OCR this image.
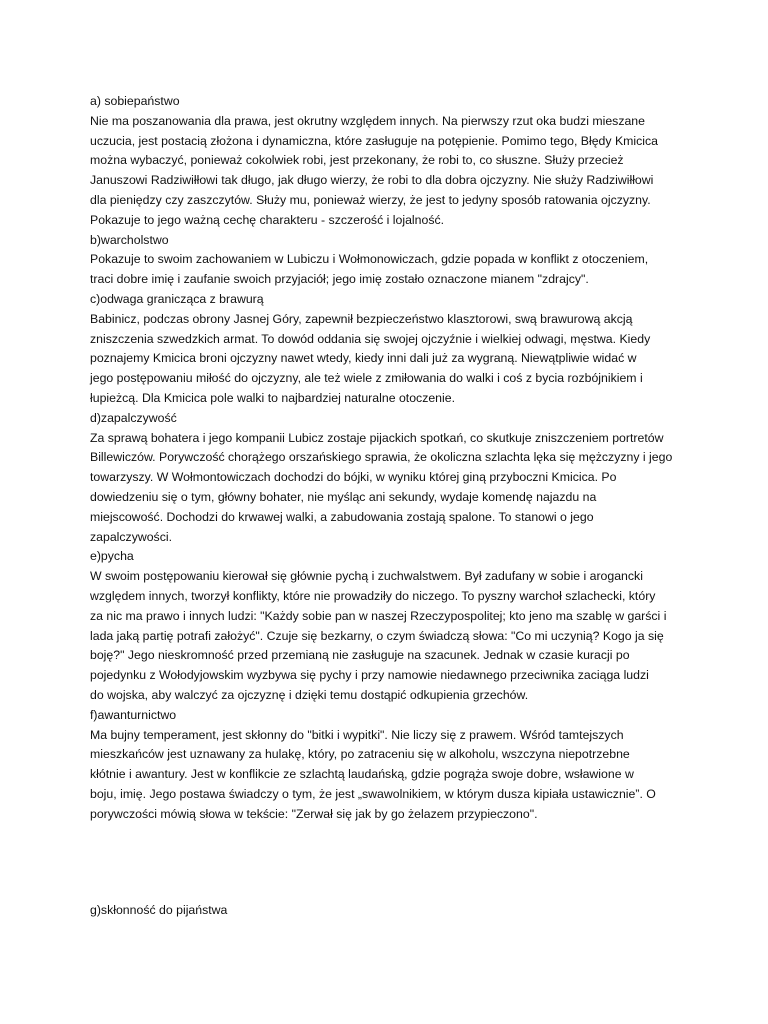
a) sobiepaństwo
Nie ma poszanowania dla prawa, jest okrutny względem innych. Na pierwszy rzut oka budzi mieszane
uczucia, jest postacią złożona i dynamiczna, które zasługuje na potępienie. Pomimo tego, Błędy Kmicica
można wybaczyć, ponieważ cokolwiek robi, jest przekonany, że robi to, co słuszne. Służy przecież
Januszowi Radziwiłłowi tak długo, jak długo wierzy, że robi to dla dobra ojczyzny. Nie służy Radziwiłłowi
dla pieniędzy czy zaszczytów. Służy mu, ponieważ wierzy, że jest to jedyny sposób ratowania ojczyzny.
Pokazuje to jego ważną cechę charakteru - szczerość i lojalność.
b)warcholstwo
Pokazuje to swoim zachowaniem w Lubiczu i Wołmonowiczach, gdzie popada w konflikt z otoczeniem,
traci dobre imię i zaufanie swoich przyjaciół; jego imię zostało oznaczone mianem "zdrajcy".
c)odwaga granicząca z brawurą
Babinicz, podczas obrony Jasnej Góry, zapewnił bezpieczeństwo klasztorowi, swą brawurową akcją
zniszczenia szwedzkich armat. To dowód oddania się swojej ojczyźnie i wielkiej odwagi, męstwa. Kiedy
poznajemy Kmicica broni ojczyzny nawet wtedy, kiedy inni dali już za wygraną. Niewątpliwie widać w
jego postępowaniu miłość do ojczyzny, ale też wiele z zmiłowania do walki i coś z bycia rozbójnikiem i
łupieżcą. Dla Kmicica pole walki to najbardziej naturalne otoczenie.
d)zapalczywość
Za sprawą bohatera i jego kompanii Lubicz zostaje pijackich spotkań, co skutkuje zniszczeniem portretów
Billewiczów. Porywczość chorążego orszańskiego sprawia, że okoliczna szlachta lęka się mężczyzny i jego
towarzyszy. W Wołmontowiczach dochodzi do bójki, w wyniku której giną przyboczni Kmicica. Po
dowiedzeniu się o tym, główny bohater, nie myśląc ani sekundy, wydaje komendę najazdu na
miejscowość. Dochodzi do krwawej walki, a zabudowania zostają spalone. To stanowi o jego
zapalczywości.
e)pycha
W swoim postępowaniu kierował się głównie pychą i zuchwalstwem. Był zadufany w sobie i arogancki
względem innych, tworzył konflikty, które nie prowadziły do niczego. To pyszny warchoł szlachecki, który
za nic ma prawo i innych ludzi: "Każdy sobie pan w naszej Rzeczypospolitej; kto jeno ma szablę w garści i
lada jaką partię potrafi założyć". Czuje się bezkarny, o czym świadczą słowa: "Co mi uczynią? Kogo ja się
boję?" Jego nieskromność przed przemianą nie zasługuje na szacunek. Jednak w czasie kuracji po
pojedynku z Wołodyjowskim wyzbywa się pychy i przy namowie niedawnego przeciwnika zaciąga ludzi
do wojska, aby walczyć za ojczyznę i dzięki temu dostąpić odkupienia grzechów.
f)awanturnictwo
Ma bujny temperament, jest skłonny do "bitki i wypitki". Nie liczy się z prawem. Wśród tamtejszych
mieszkańców jest uznawany za hulakę, który, po zatraceniu się w alkoholu, wszczyna niepotrzebne
kłótnie i awantury. Jest w konflikcie ze szlachtą laudańską, gdzie pogrąża swoje dobre, wsławione w
boju, imię. Jego postawa świadczy o tym, że jest „swawolnikiem, w którym dusza kipiała ustawicznie”. O
porywczości mówią słowa w tekście: "Zerwał się jak by go żelazem przypieczono".
g)skłonność do pijaństwa
